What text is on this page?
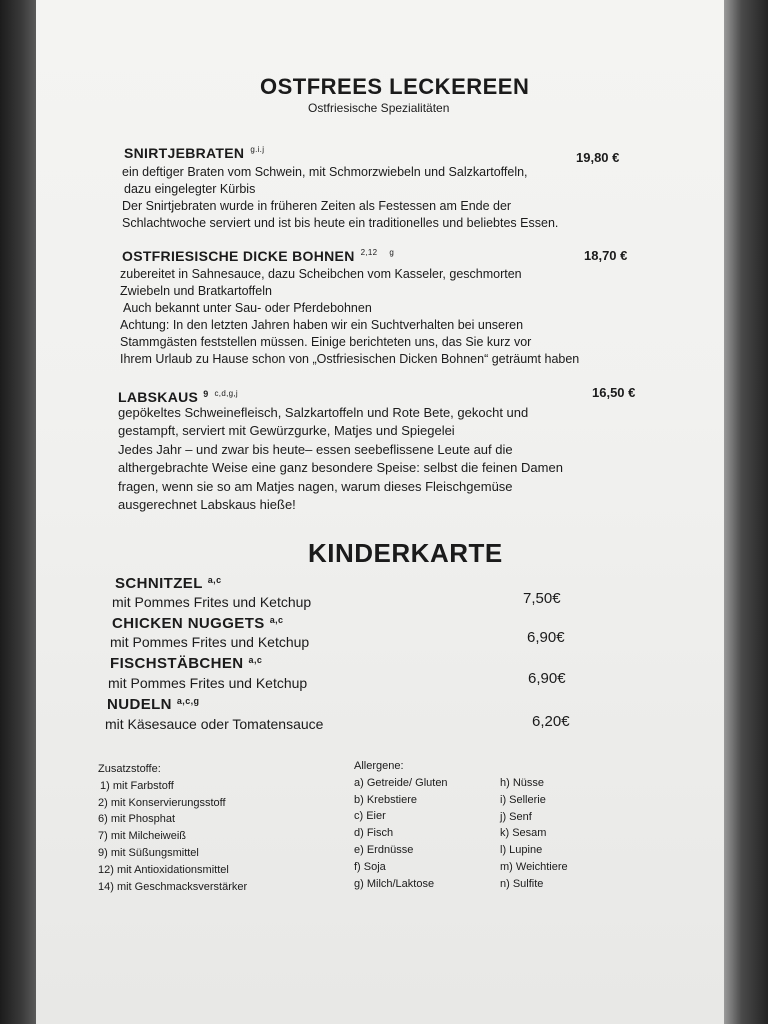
OSTFREES LECKEREEN
Ostfriesische Spezialitäten
SNIRTJEBRATEN $^{g.i.j}$
19,80 €
ein deftiger Braten vom Schwein, mit Schmorzwiebeln und Salzkartoffeln,
dazu eingelegter Kürbis
Der Snirtjebraten wurde in früheren Zeiten als Festessen am Ende der
Schlachtwoche serviert und ist bis heute ein traditionelles und beliebtes Essen.
OSTFRIESISCHE DICKE BOHNEN $^{2,12}$ $^g$	18,70 €
zubereitet in Sahnesauce, dazu Scheibchen vom Kasseler, geschmorten
Zwiebeln und Bratkartoffeln
Auch bekannt unter Sau- oder Pferdebohnen
Achtung: In den letzten Jahren haben wir ein Suchtverhalten bei unseren
Stammgästen feststellen müssen. Einige berichteten uns, das Sie kurz vor
Ihrem Urlaub zu Hause schon von „Ostfriesischen Dicken Bohnen“ geträumt haben
LABSKAUS $^9$ $^{c,d,g,j}$	16,50 €
gepökeltes Schweinefleisch, Salzkartoffeln und Rote Bete, gekocht und
gestampft, serviert mit Gewürzgurke, Matjes und Spiegelei
Jedes Jahr – und zwar bis heute– essen seebeflissene Leute auf die
althergebrachte Weise eine ganz besondere Speise: selbst die feinen Damen
fragen, wenn sie so am Matjes nagen, warum dieses Fleischgemüse
ausgerechnet Labskaus hieße!
KINDERKARTE
SCHNITZEL $^{a,c}$
mit Pommes Frites und Ketchup	7,50€
CHICKEN NUGGETS $^{a,c}$
mit Pommes Frites und Ketchup	6,90€
FISCHSTÄBCHEN $^{a,c}$
mit Pommes Frites und Ketchup	6,90€
NUDELN $^{a,c,g}$
mit Käsesauce oder Tomatensauce	6,20€
Zusatzstoffe:
1) mit Farbstoff
2) mit Konservierungsstoff
6) mit Phosphat
7) mit Milcheiweiß
9) mit Süßungsmittel
12) mit Antioxidationsmittel
14) mit Geschmacksverstärker
Allergene:
a) Getreide/ Gluten
b) Krebstiere
c) Eier
d) Fisch
e) Erdnüsse
f) Soja
g) Milch/Laktose
h) Nüsse
i) Sellerie
j) Senf
k) Sesam
l) Lupine
m) Weichtiere
n) Sulfite
